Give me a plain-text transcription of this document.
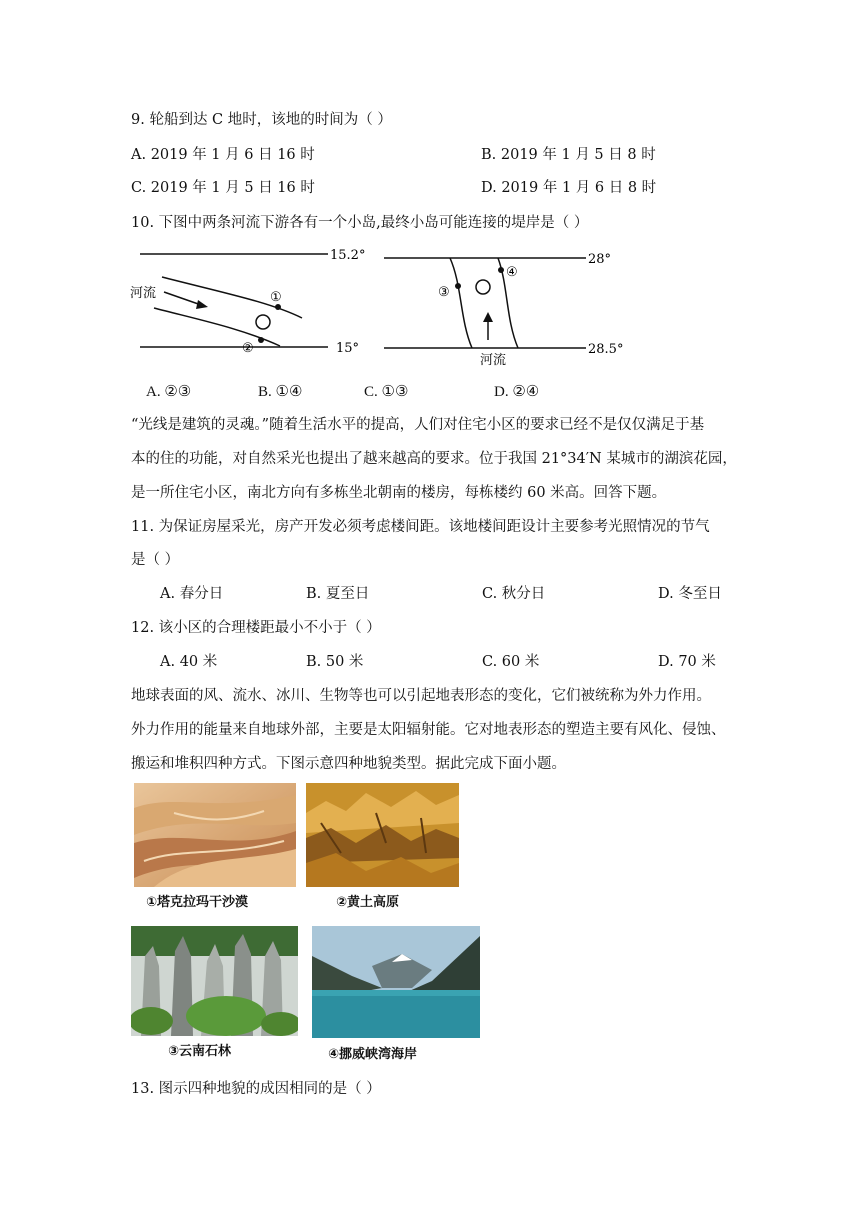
9. 轮船到达 C 地时，该地的时间为（ ）
A. 2019 年 1 月 6 日 16 时	B. 2019 年 1 月 5 日 8 时
C. 2019 年 1 月 5 日 16 时	D. 2019 年 1 月 6 日 8 时
10. 下图中两条河流下游各有一个小岛,最终小岛可能连接的堤岸是（ ）
15.2°
15°
河流	①
②
28°
28.5°
河流
③
④
A. ②③	B. ①④	C. ①③	D. ②④
“光线是建筑的灵魂。”随着生活水平的提高，人们对住宅小区的要求已经不是仅仅满足于基
本的住的功能，对自然采光也提出了越来越高的要求。位于我国 21°34′N 某城市的湖滨花园，
是一所住宅小区，南北方向有多栋坐北朝南的楼房，每栋楼约 60 米高。回答下题。
11. 为保证房屋采光，房产开发必须考虑楼间距。该地楼间距设计主要参考光照情况的节气
是（ ）
A. 春分日	B. 夏至日	C. 秋分日	D. 冬至日
12. 该小区的合理楼距最小不小于（ ）
A. 40 米	B. 50 米	C. 60 米	D. 70 米
地球表面的风、流水、冰川、生物等也可以引起地表形态的变化，它们被统称为外力作用。
外力作用的能量来自地球外部，主要是太阳辐射能。它对地表形态的塑造主要有风化、侵蚀、
搬运和堆积四种方式。下图示意四种地貌类型。据此完成下面小题。
①塔克拉玛干沙漠	②黄土高原
③云南石林	④挪威峡湾海岸
13. 图示四种地貌的成因相同的是（ ）
